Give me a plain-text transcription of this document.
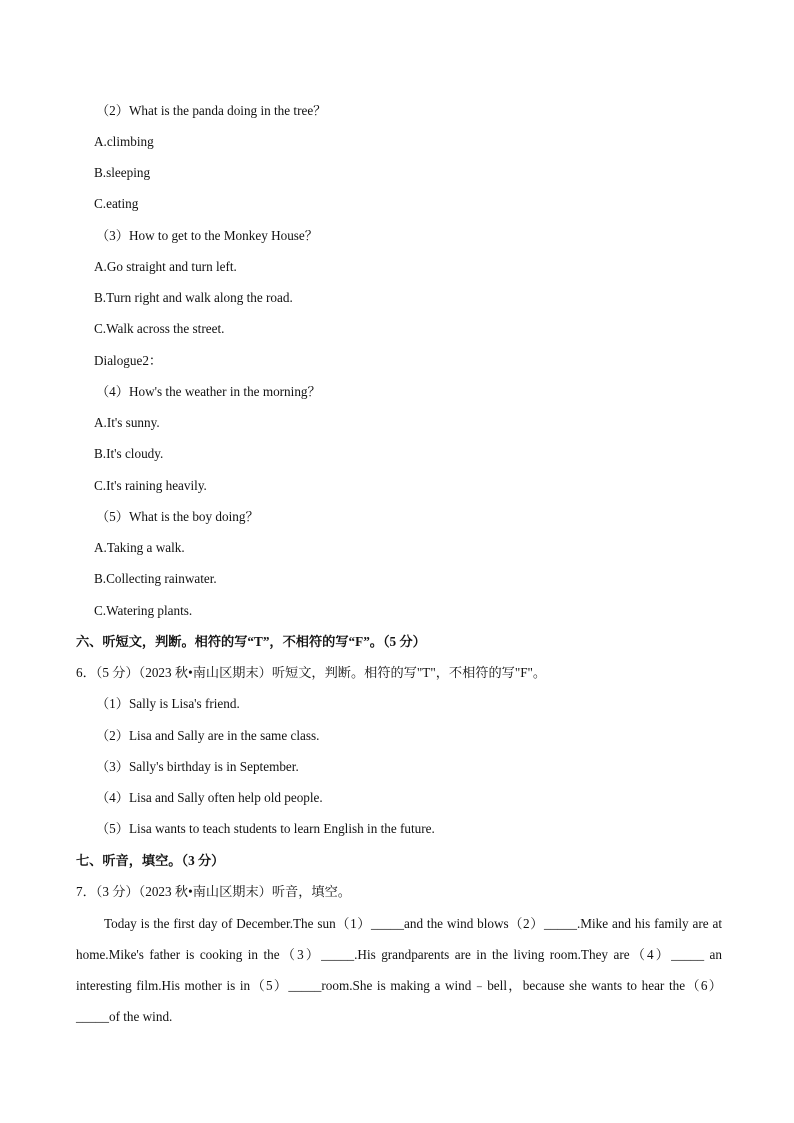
（2）What is the panda doing in the tree？
A.climbing
B.sleeping
C.eating
（3）How to get to the Monkey House？
A.Go straight and turn left.
B.Turn right and walk along the road.
C.Walk across the street.
Dialogue2：
（4）How's the weather in the morning？
A.It's sunny.
B.It's cloudy.
C.It's raining heavily.
（5）What is the boy doing？
A.Taking a walk.
B.Collecting rainwater.
C.Watering plants.
六、听短文，判断。相符的写“T”，不相符的写“F”。（5 分）
6．（5 分）（2023 秋•南山区期末）听短文，判断。相符的写"T"，不相符的写"F"。
（1）Sally is Lisa's friend.
（2）Lisa and Sally are in the same class.
（3）Sally's birthday is in September.
（4）Lisa and Sally often help old people.
（5）Lisa wants to teach students to learn English in the future.
七、听音，填空。（3 分）
7．（3 分）（2023 秋•南山区期末）听音，填空。
Today is the first day of December.The sun（1）_____and the wind blows（2）_____.Mike and his family are at home.Mike's father is cooking in the（3）_____.His grandparents are in the living room.They are（4）_____ an interesting film.His mother is in（5）_____room.She is making a wind﹣bell，because she wants to hear the（6）_____of the wind.
